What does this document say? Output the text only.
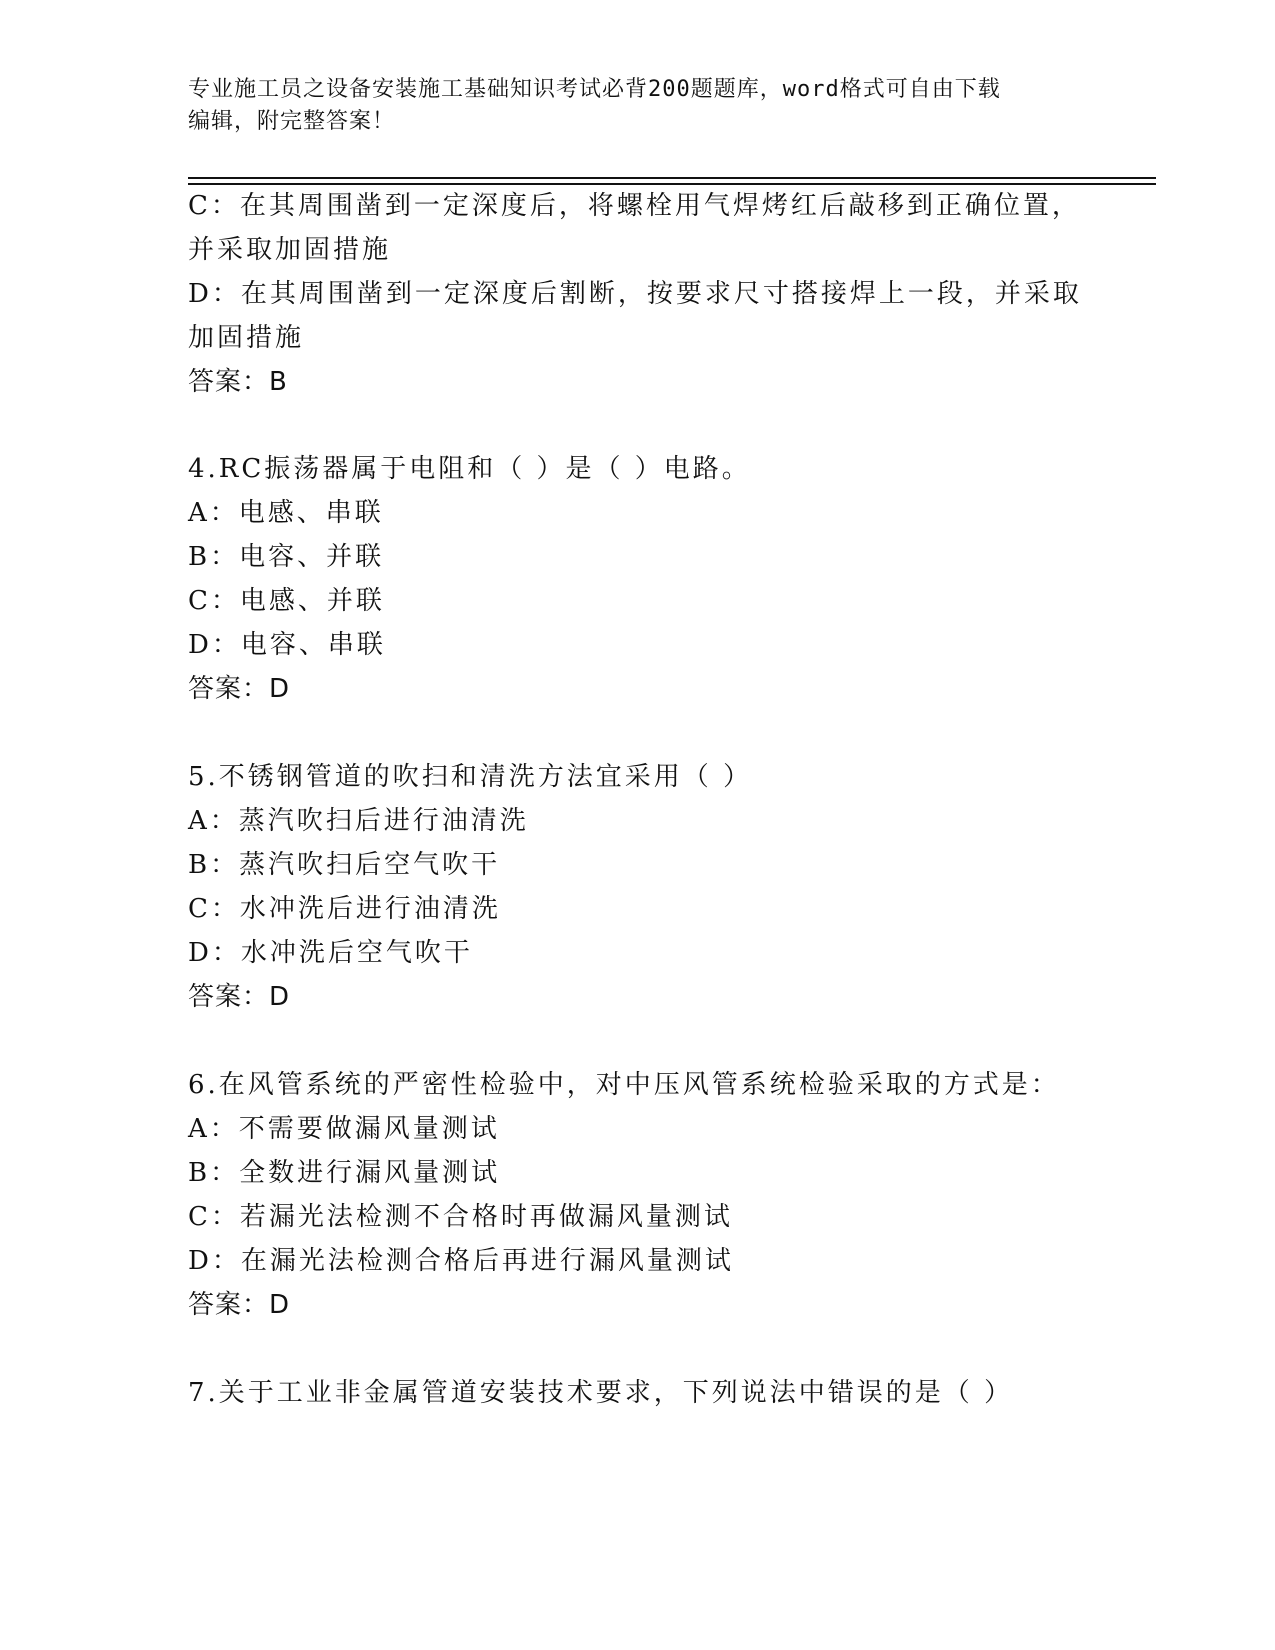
专业施工员之设备安装施工基础知识考试必背200题题库，word格式可自由下载
编辑，附完整答案！
C：在其周围凿到一定深度后，将螺栓用气焊烤红后敲移到正确位置，
并采取加固措施
D：在其周围凿到一定深度后割断，按要求尺寸搭接焊上一段，并采取
加固措施
答案：B
4.RC振荡器属于电阻和（ ）是（ ）电路。
A：电感、串联
B：电容、并联
C：电感、并联
D：电容、串联
答案：D
5.不锈钢管道的吹扫和清洗方法宜采用（ ）
A：蒸汽吹扫后进行油清洗
B：蒸汽吹扫后空气吹干
C：水冲洗后进行油清洗
D：水冲洗后空气吹干
答案：D
6.在风管系统的严密性检验中，对中压风管系统检验采取的方式是：
A：不需要做漏风量测试
B：全数进行漏风量测试
C：若漏光法检测不合格时再做漏风量测试
D：在漏光法检测合格后再进行漏风量测试
答案：D
7.关于工业非金属管道安装技术要求，下列说法中错误的是（ ）
